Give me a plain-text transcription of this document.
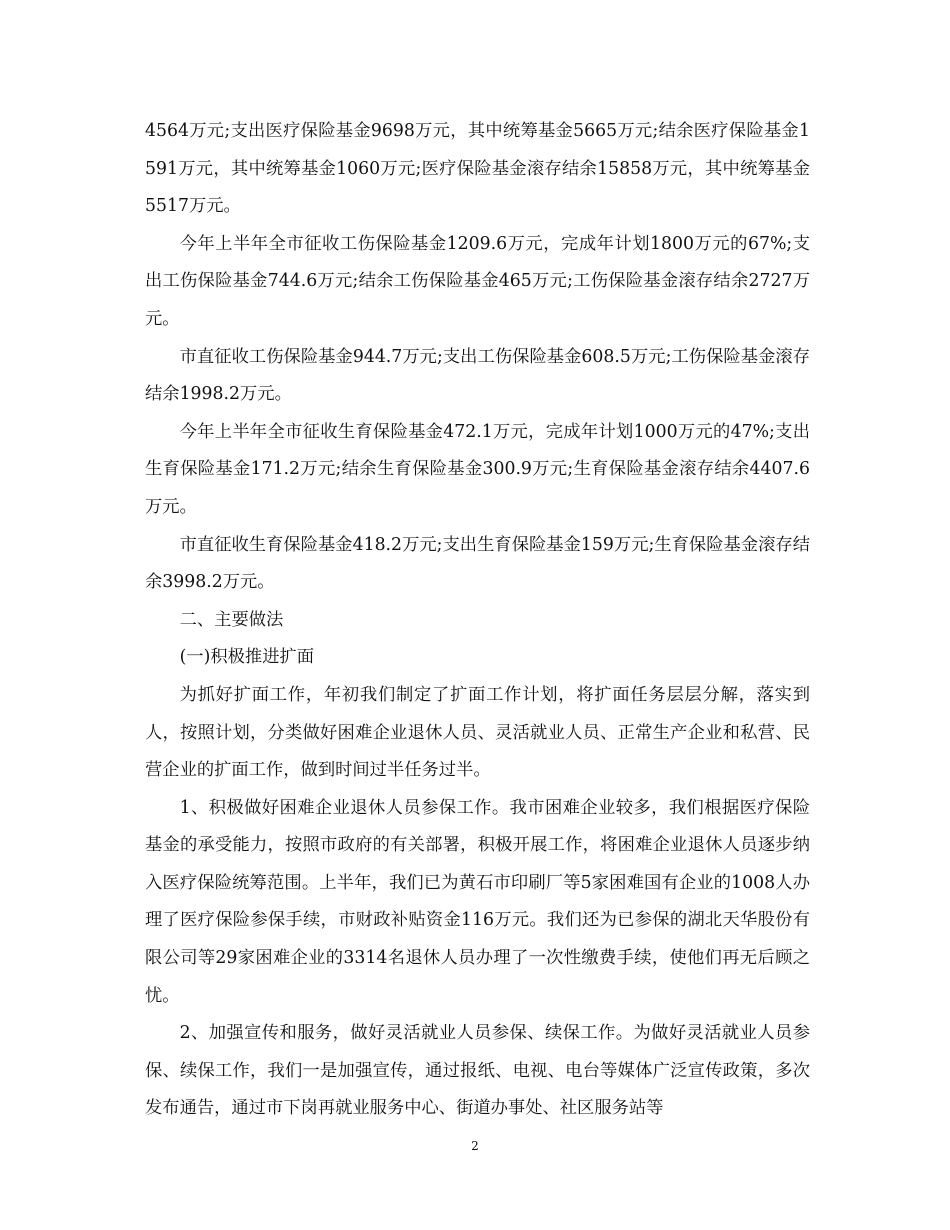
4564万元;支出医疗保险基金9698万元，其中统筹基金5665万元;结余医疗保险基金1591万元，其中统筹基金1060万元;医疗保险基金滚存结余15858万元，其中统筹基金5517万元。

今年上半年全市征收工伤保险基金1209.6万元，完成年计划1800万元的67%;支出工伤保险基金744.6万元;结余工伤保险基金465万元;工伤保险基金滚存结余2727万元。

市直征收工伤保险基金944.7万元;支出工伤保险基金608.5万元;工伤保险基金滚存结余1998.2万元。

今年上半年全市征收生育保险基金472.1万元，完成年计划1000万元的47%;支出生育保险基金171.2万元;结余生育保险基金300.9万元;生育保险基金滚存结余4407.6万元。

市直征收生育保险基金418.2万元;支出生育保险基金159万元;生育保险基金滚存结余3998.2万元。

二、主要做法

(一)积极推进扩面

为抓好扩面工作，年初我们制定了扩面工作计划，将扩面任务层层分解，落实到人，按照计划，分类做好困难企业退休人员、灵活就业人员、正常生产企业和私营、民营企业的扩面工作，做到时间过半任务过半。

1、积极做好困难企业退休人员参保工作。我市困难企业较多，我们根据医疗保险基金的承受能力，按照市政府的有关部署，积极开展工作，将困难企业退休人员逐步纳入医疗保险统筹范围。上半年，我们已为黄石市印刷厂等5家困难国有企业的1008人办理了医疗保险参保手续，市财政补贴资金116万元。我们还为已参保的湖北天华股份有限公司等29家困难企业的3314名退休人员办理了一次性缴费手续，使他们再无后顾之忧。

2、加强宣传和服务，做好灵活就业人员参保、续保工作。为做好灵活就业人员参保、续保工作，我们一是加强宣传，通过报纸、电视、电台等媒体广泛宣传政策，多次发布通告，通过市下岗再就业服务中心、街道办事处、社区服务站等

2
